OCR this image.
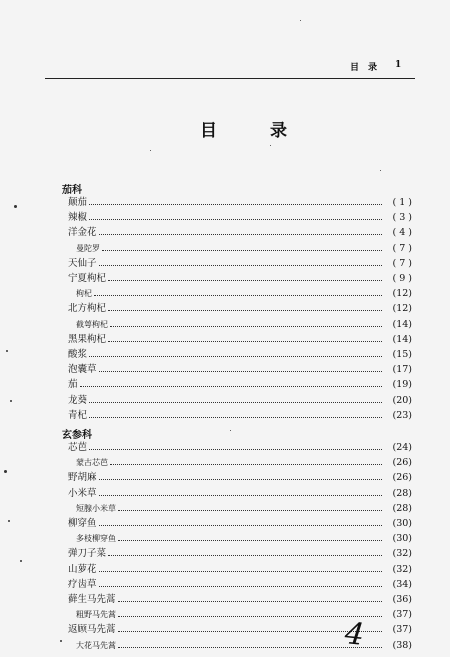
目　录 1
目　录
茄科
颠茄	( 1 )
辣椒	( 3 )
洋金花	( 4 )
曼陀罗	( 7 )
天仙子	( 7 )
宁夏枸杞	( 9 )
枸杞	(12)
北方枸杞	(12)
截萼枸杞	(14)
黑果枸杞	(14)
酸浆	(15)
泡囊草	(17)
茄	(19)
龙葵	(20)
青杞	(23)
玄参科
芯芭	(24)
蒙古芯芭	(26)
野胡麻	(26)
小米草	(28)
短腺小米草	(28)
柳穿鱼	(30)
多枝柳穿鱼	(30)
弹刀子菜	(32)
山萝花	(32)
疗齿草	(34)
藓生马先蒿	(36)
粗野马先蒿	(37)
返顾马先蒿	(37)
大花马先蒿	(38)
4
